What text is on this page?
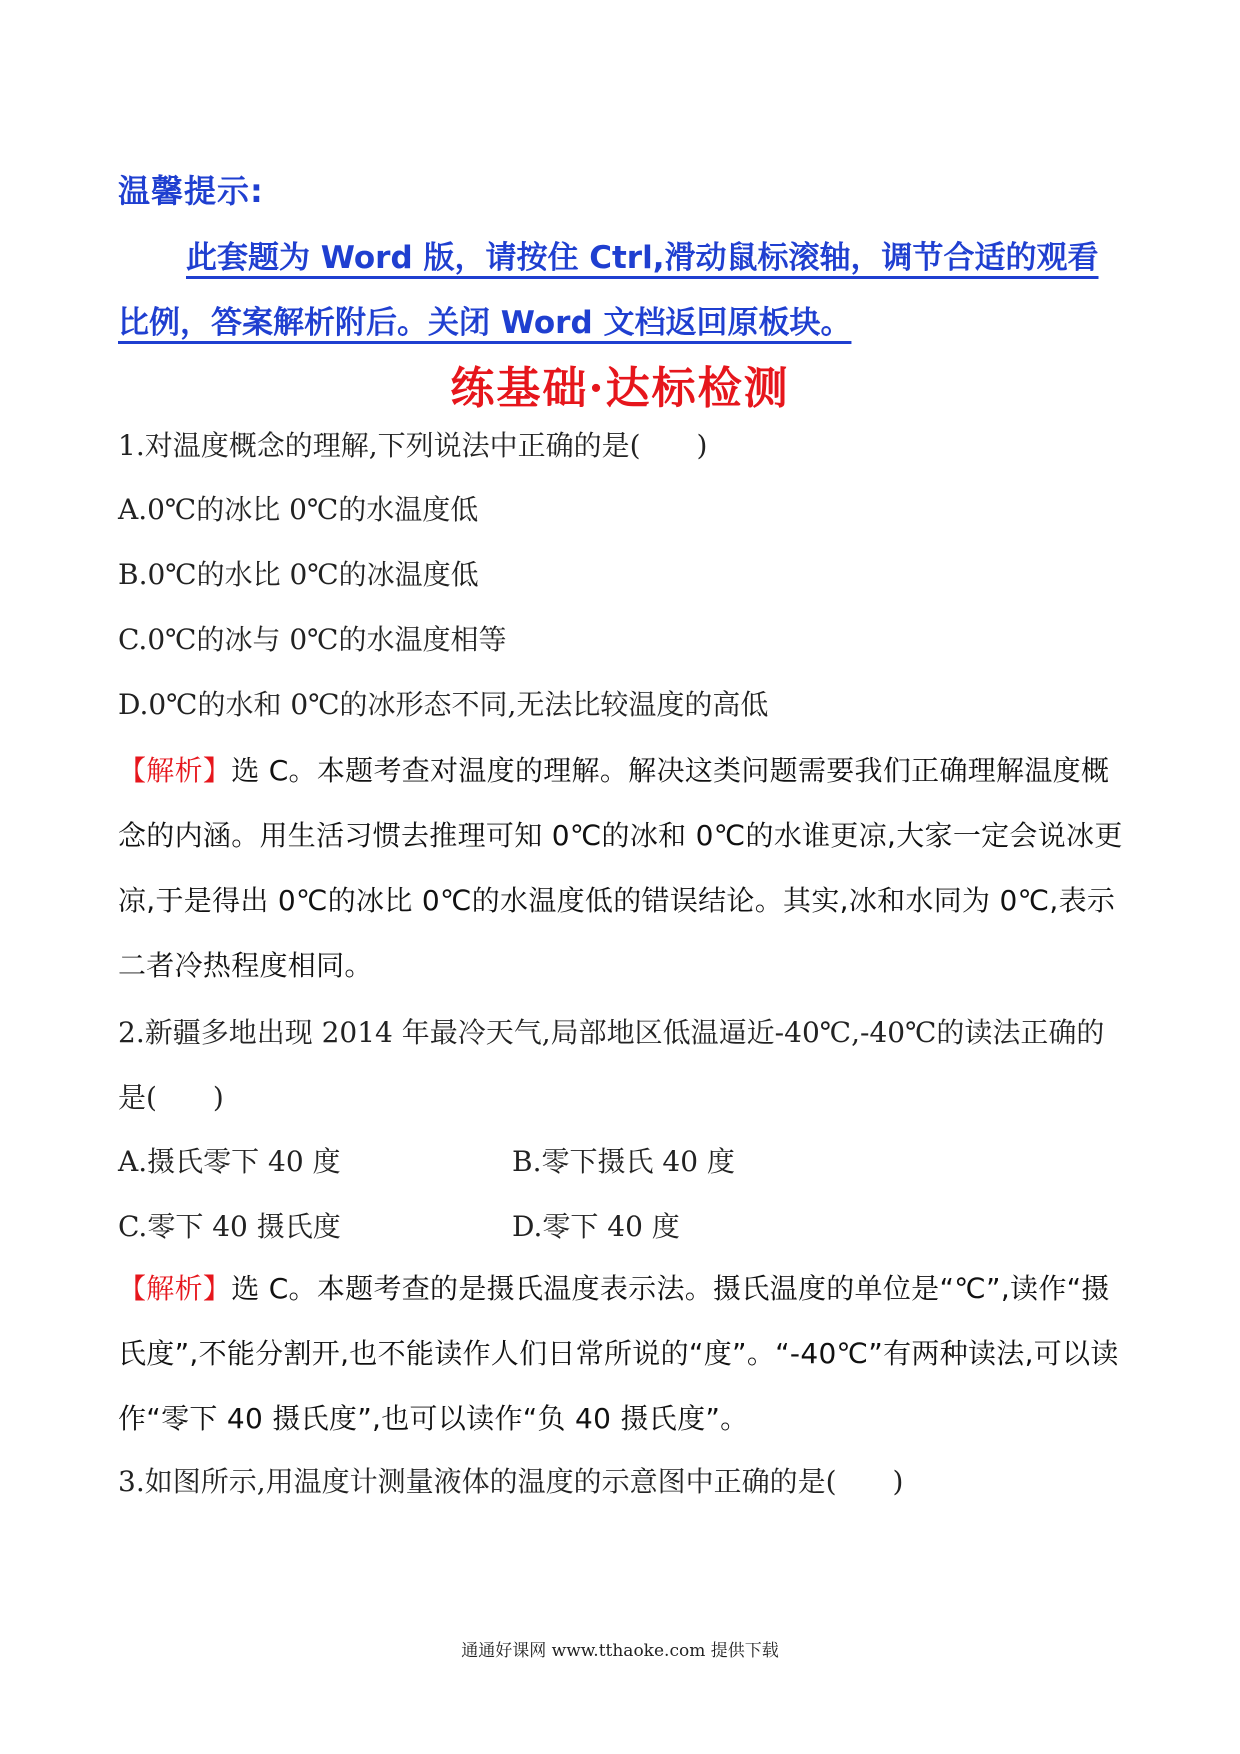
温馨提示:
此套题为 Word 版，请按住 Ctrl,滑动鼠标滚轴，调节合适的观看比例，答案解析附后。关闭 Word 文档返回原板块。
练基础·达标检测
1.对温度概念的理解,下列说法中正确的是(　　)
A.0℃的冰比 0℃的水温度低
B.0℃的水比 0℃的冰温度低
C.0℃的冰与 0℃的水温度相等
D.0℃的水和 0℃的冰形态不同,无法比较温度的高低
【解析】选 C。本题考查对温度的理解。解决这类问题需要我们正确理解温度概念的内涵。用生活习惯去推理可知 0℃的冰和 0℃的水谁更凉,大家一定会说冰更凉,于是得出 0℃的冰比 0℃的水温度低的错误结论。其实,冰和水同为 0℃,表示二者冷热程度相同。
2.新疆多地出现 2014 年最冷天气,局部地区低温逼近-40℃,-40℃的读法正确的是(　　)
A.摄氏零下 40 度	B.零下摄氏 40 度
C.零下 40 摄氏度	D.零下 40 度
【解析】选 C。本题考查的是摄氏温度表示法。摄氏温度的单位是“℃”,读作“摄氏度”,不能分割开,也不能读作人们日常所说的“度”。“-40℃”有两种读法,可以读作“零下 40 摄氏度”,也可以读作“负 40 摄氏度”。
3.如图所示,用温度计测量液体的温度的示意图中正确的是(　　)
通通好课网 www.tthaoke.com 提供下载
